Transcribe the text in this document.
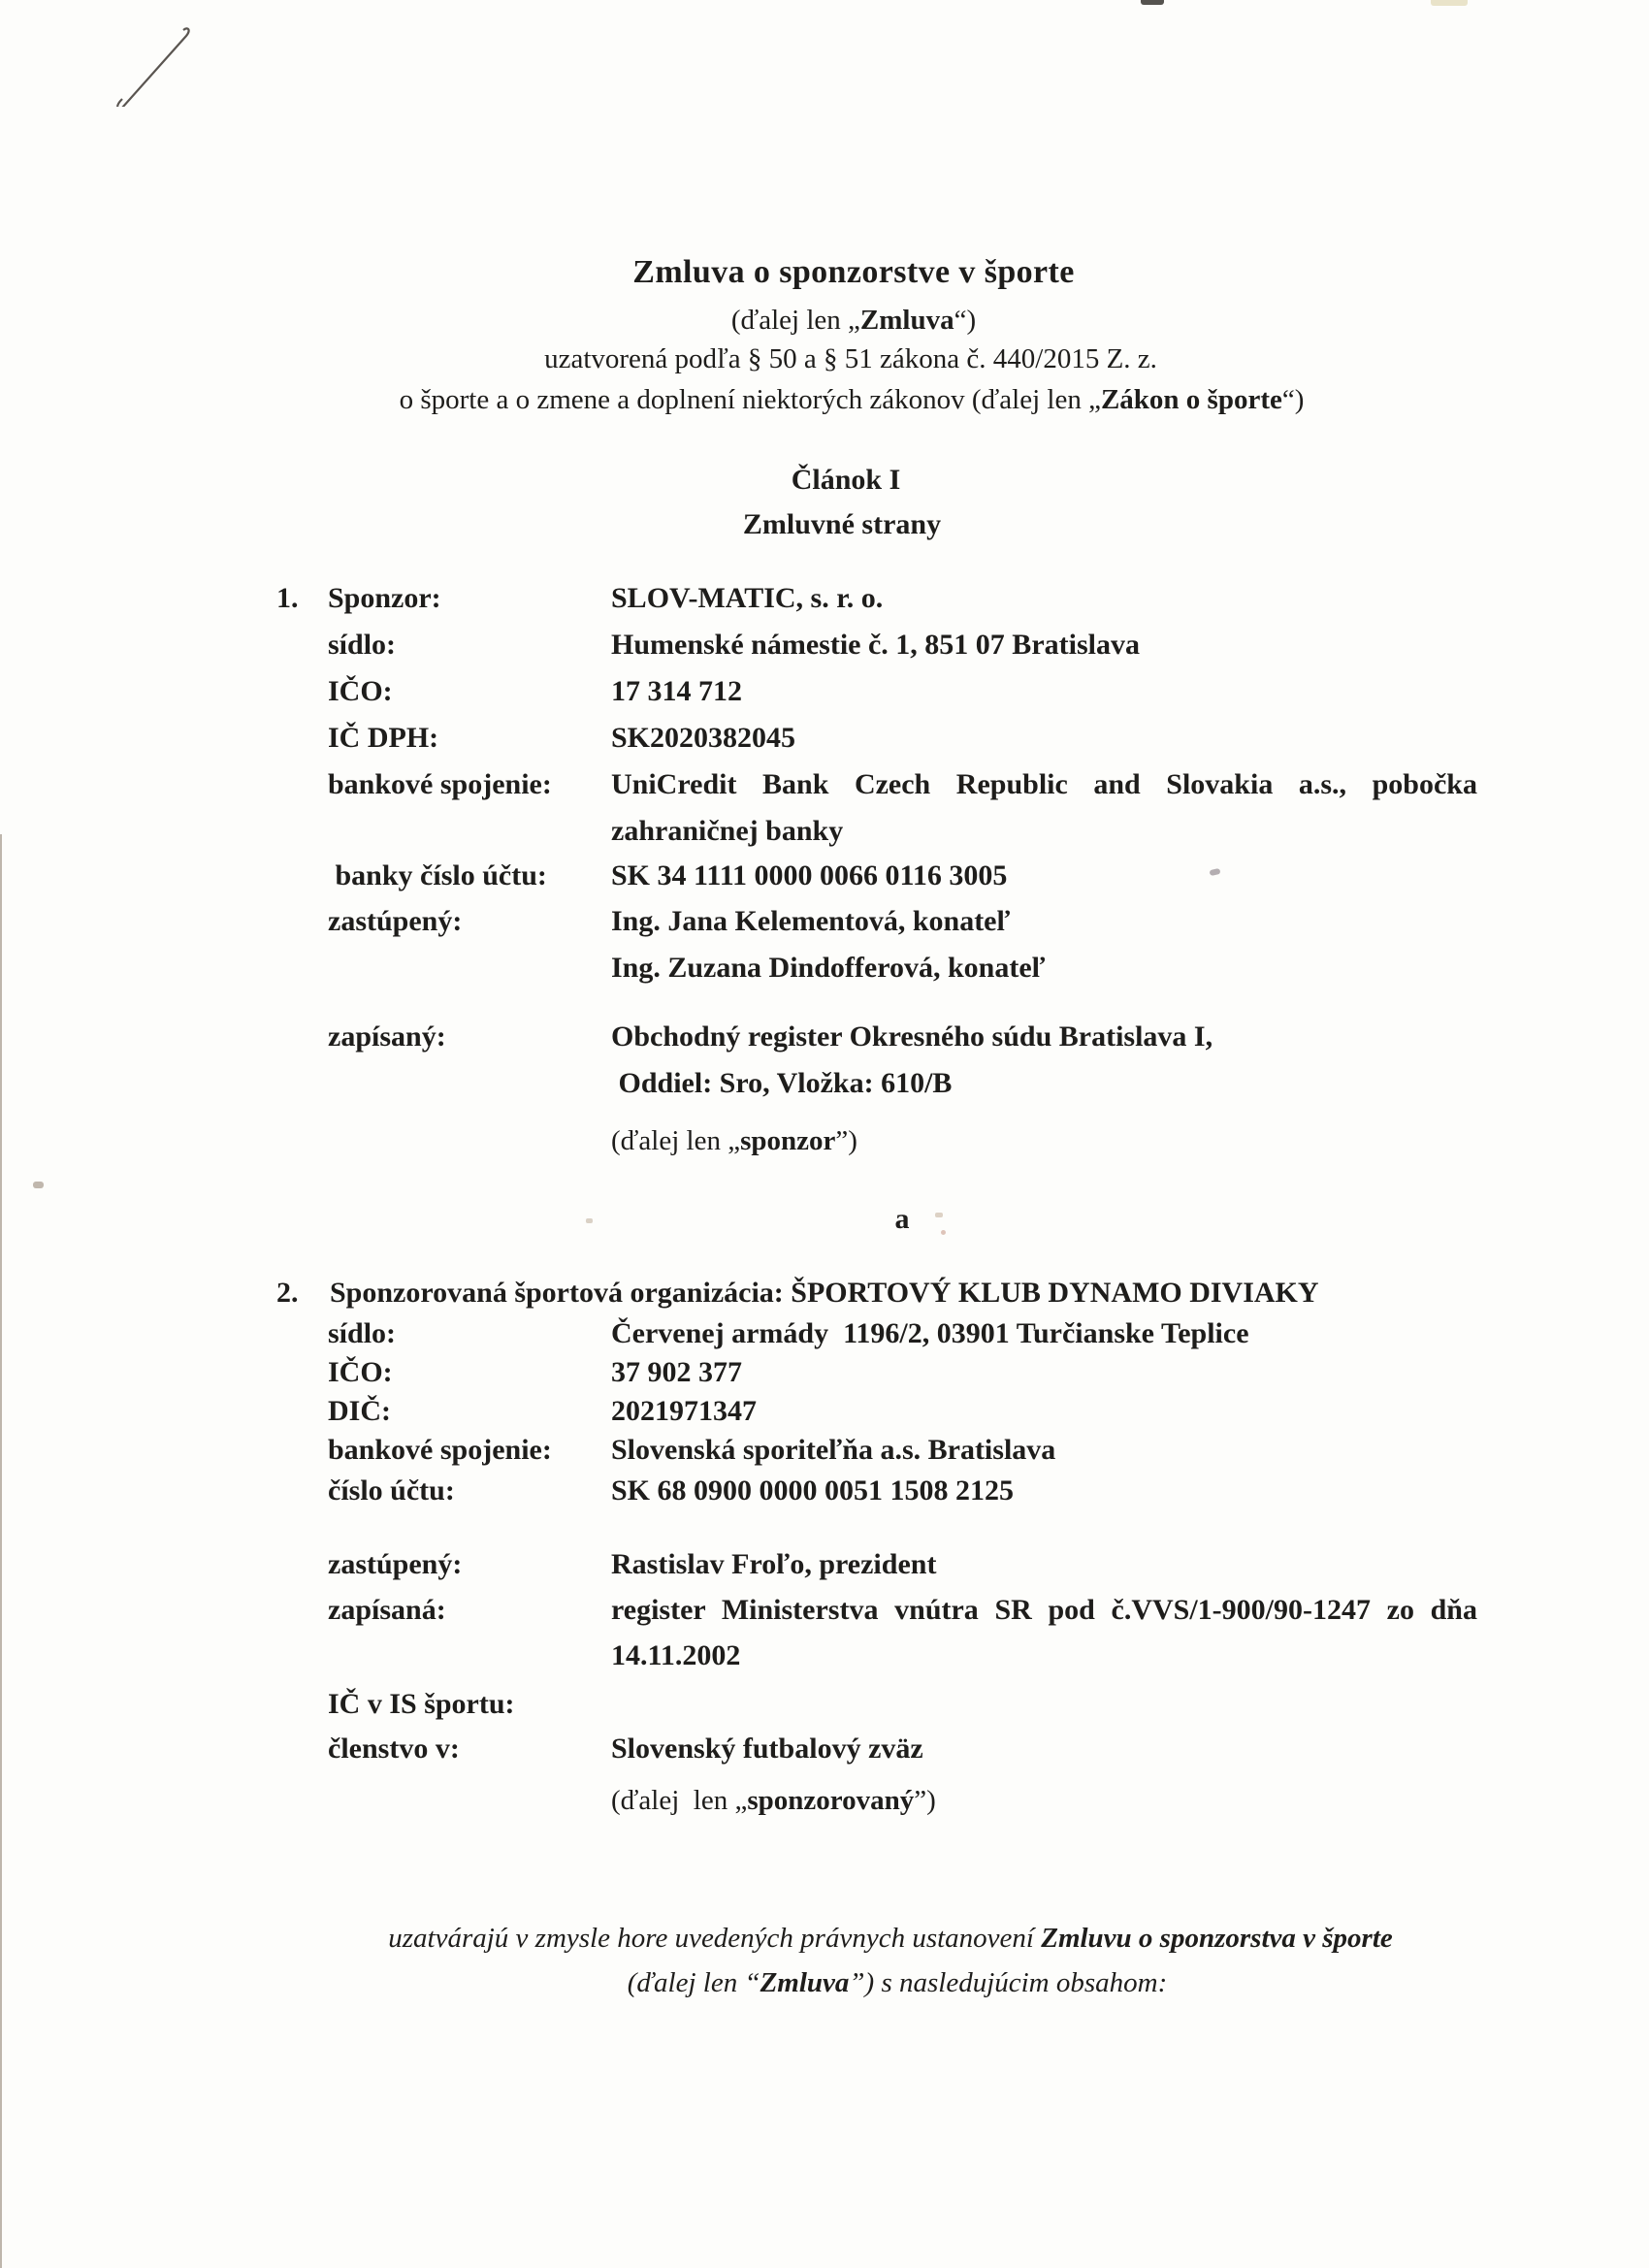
Zmluva o sponzorstve v športe
(ďalej len „Zmluva“)
uzatvorená podľa § 50 a § 51 zákona č. 440/2015 Z. z.
o športe a o zmene a doplnení niektorých zákonov (ďalej len „Zákon o športe“)
Článok I
Zmluvné strany
1. Sponzor:	SLOV-MATIC, s. r. o.
sídlo:	Humenské námestie č. 1, 851 07 Bratislava
IČO:	17 314 712
IČ DPH:	SK2020382045
bankové spojenie: UniCredit Bank Czech Republic and Slovakia a.s., pobočka
zahraničnej banky
banky číslo účtu: SK 34 1111 0000 0066 0116 3005
zastúpený:	Ing. Jana Kelementová, konateľ
Ing. Zuzana Dindofferová, konateľ
zapísaný:	Obchodný register Okresného súdu Bratislava I,
Oddiel: Sro, Vložka: 610/B
(ďalej len „sponzor”)
a
2. Sponzorovaná športová organizácia: ŠPORTOVÝ KLUB DYNAMO DIVIAKY
sídlo:	Červenej armády  1196/2, 03901 Turčianske Teplice
IČO:	37 902 377
DIČ:	2021971347
bankové spojenie: Slovenská sporiteľňa a.s. Bratislava
číslo účtu:	SK 68 0900 0000 0051 1508 2125
zastúpený:	Rastislav Froľo, prezident
zapísaná:	register Ministerstva vnútra SR pod č.VVS/1-900/90-1247 zo dňa
14.11.2002
IČ v IS športu:
členstvo v:	Slovenský futbalový zväz
(ďalej  len „sponzorovaný”)
uzatvárajú v zmysle hore uvedených právnych ustanovení Zmluvu o sponzorstva v športe
(ďalej len “Zmluva”) s nasledujúcim obsahom:
